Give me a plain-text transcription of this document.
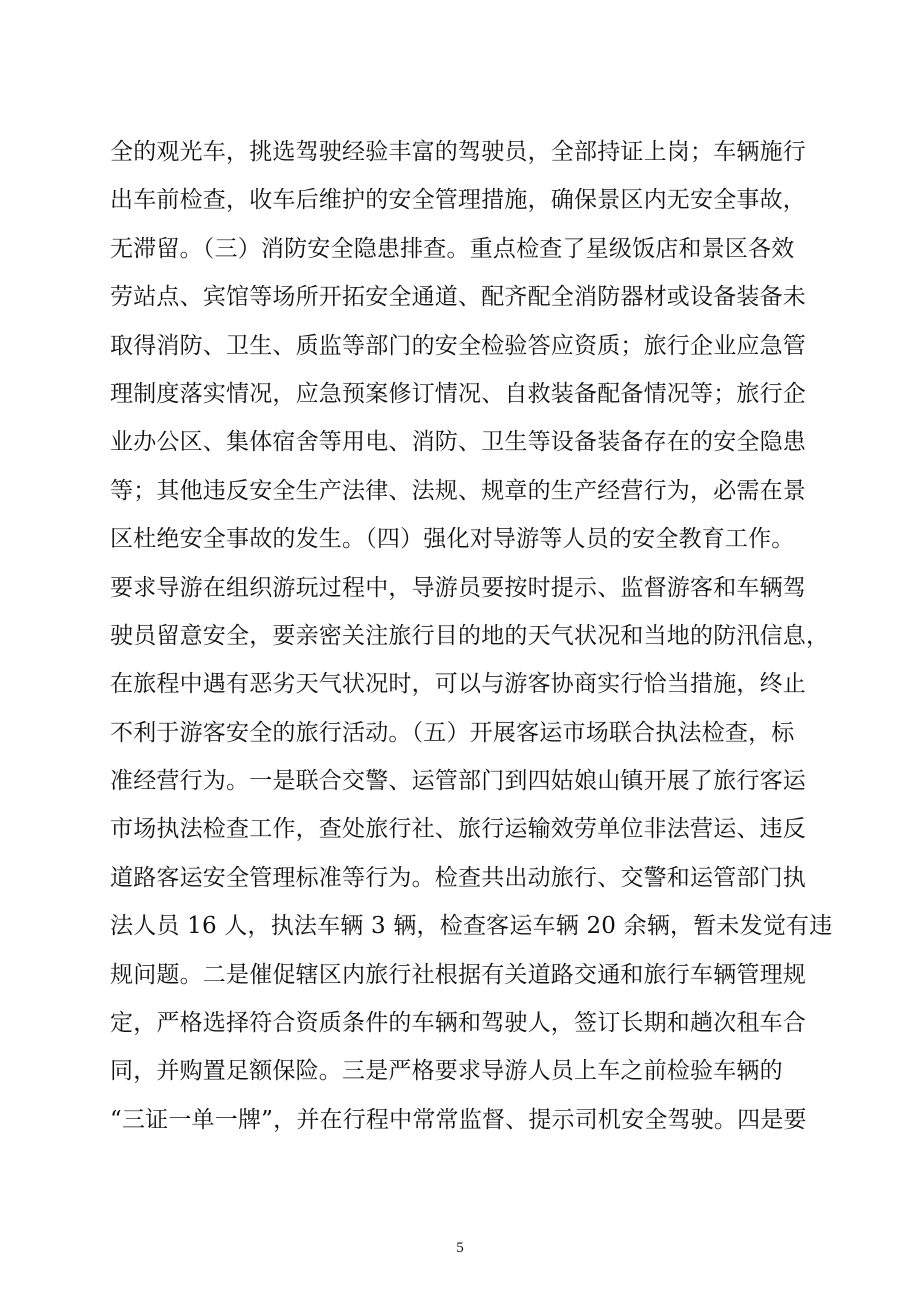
全的观光车，挑选驾驶经验丰富的驾驶员，全部持证上岗；车辆施行
出车前检查，收车后维护的安全管理措施，确保景区内无安全事故，
无滞留。（三）消防安全隐患排查。重点检查了星级饭店和景区各效
劳站点、宾馆等场所开拓安全通道、配齐配全消防器材或设备装备未
取得消防、卫生、质监等部门的安全检验答应资质；旅行企业应急管
理制度落实情况，应急预案修订情况、自救装备配备情况等；旅行企
业办公区、集体宿舍等用电、消防、卫生等设备装备存在的安全隐患
等；其他违反安全生产法律、法规、规章的生产经营行为，必需在景
区杜绝安全事故的发生。（四）强化对导游等人员的安全教育工作。
要求导游在组织游玩过程中，导游员要按时提示、监督游客和车辆驾
驶员留意安全，要亲密关注旅行目的地的天气状况和当地的防汛信息，
在旅程中遇有恶劣天气状况时，可以与游客协商实行恰当措施，终止
不利于游客安全的旅行活动。（五）开展客运市场联合执法检查，标
准经营行为。一是联合交警、运管部门到四姑娘山镇开展了旅行客运
市场执法检查工作，查处旅行社、旅行运输效劳单位非法营运、违反
道路客运安全管理标准等行为。检查共出动旅行、交警和运管部门执
法人员 16 人，执法车辆 3 辆，检查客运车辆 20 余辆，暂未发觉有违
规问题。二是催促辖区内旅行社根据有关道路交通和旅行车辆管理规
定，严格选择符合资质条件的车辆和驾驶人，签订长期和趟次租车合
同，并购置足额保险。三是严格要求导游人员上车之前检验车辆的
“三证一单一牌”，并在行程中常常监督、提示司机安全驾驶。四是要
5
